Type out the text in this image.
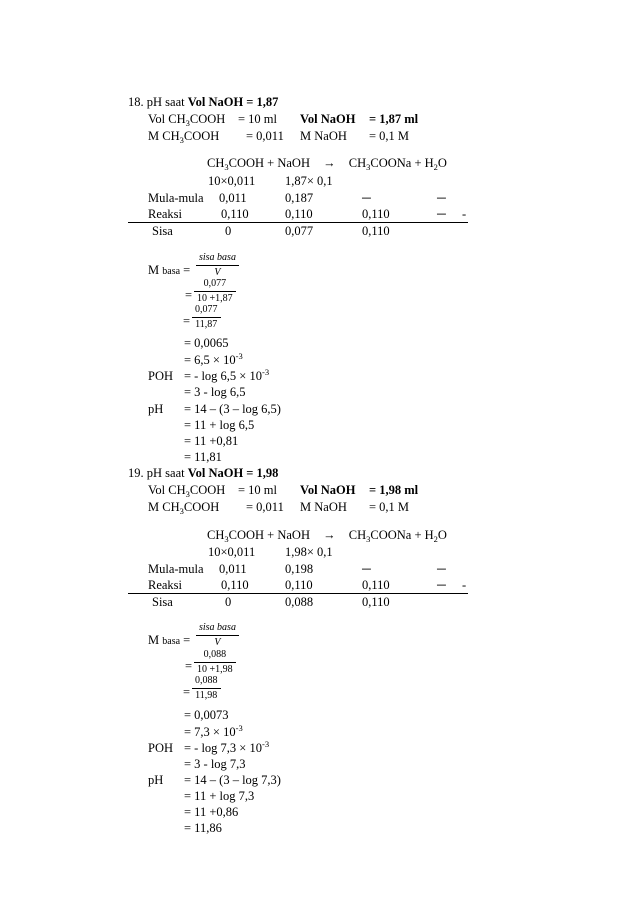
18. pH saat Vol NaOH = 1,87
Vol $CH_3COOH = 10$ ml Vol NaOH = 1,87 ml
M $CH_3COOH = 0,011$ M NaOH = 0,1 M
$CH_3COOH$ + NaOH → $CH_3COONa + H_2O$
10×0,011 1,87× 0,1
Mula-mula 0,011	0,187	─	─
Reaksi	0,110	0,110	0,110	─ -
Sisa	0	0,077	0,110
M basa =
sisa basa
V
=
0,077
10 +1,87
=
0,077
11,87
= 0,0065
= $6,5 \times 10^{-3}$
POH = - $\log 6,5 \times 10^{-3}$
= 3 - log 6,5
pH = 14 – (3 – log 6,5)
= 11 + log 6,5
= 11 +0,81
= 11,81
19. pH saat Vol NaOH = 1,98
Vol $CH_3COOH = 10$ ml Vol NaOH = 1,98 ml
M $CH_3COOH = 0,011$ M NaOH = 0,1 M
$CH_3COOH$ + NaOH → $CH_3COONa + H_2O$
10×0,011 1,98× 0,1
Mula-mula 0,011	0,198	─	─
Reaksi	0,110	0,110	0,110	─ -
Sisa	0	0,088	0,110
M basa =
sisa basa
V
=
0,088
10 +1,98
=
0,088
11,98
= 0,0073
= $7,3 \times 10^{-3}$
POH = - $\log 7,3 \times 10^{-3}$
= 3 - log 7,3
pH = 14 – (3 – log 7,3)
= 11 + log 7,3
= 11 +0,86
= 11,86
